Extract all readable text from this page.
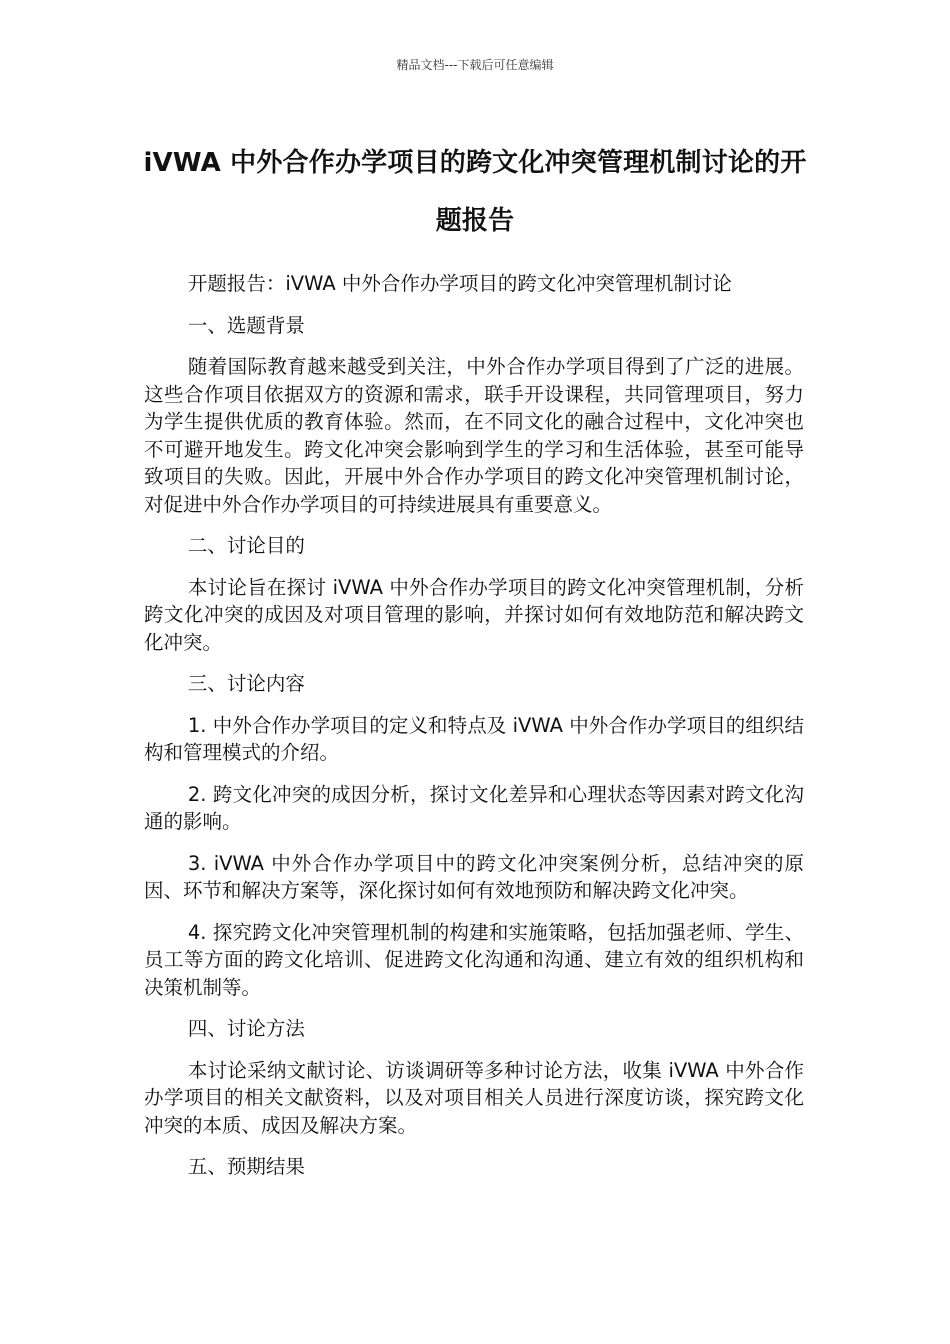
精品文档---下载后可任意编辑
iVWA 中外合作办学项目的跨文化冲突管理机制讨论的开题报告

开题报告：iVWA 中外合作办学项目的跨文化冲突管理机制讨论

一、选题背景

随着国际教育越来越受到关注，中外合作办学项目得到了广泛的进展。这些合作项目依据双方的资源和需求，联手开设课程，共同管理项目，努力为学生提供优质的教育体验。然而，在不同文化的融合过程中，文化冲突也不可避开地发生。跨文化冲突会影响到学生的学习和生活体验，甚至可能导致项目的失败。因此，开展中外合作办学项目的跨文化冲突管理机制讨论，对促进中外合作办学项目的可持续进展具有重要意义。

二、讨论目的

本讨论旨在探讨 iVWA 中外合作办学项目的跨文化冲突管理机制，分析跨文化冲突的成因及对项目管理的影响，并探讨如何有效地防范和解决跨文化冲突。

三、讨论内容

1. 中外合作办学项目的定义和特点及 iVWA 中外合作办学项目的组织结构和管理模式的介绍。

2. 跨文化冲突的成因分析，探讨文化差异和心理状态等因素对跨文化沟通的影响。

3. iVWA 中外合作办学项目中的跨文化冲突案例分析，总结冲突的原因、环节和解决方案等，深化探讨如何有效地预防和解决跨文化冲突。

4. 探究跨文化冲突管理机制的构建和实施策略，包括加强老师、学生、员工等方面的跨文化培训、促进跨文化沟通和沟通、建立有效的组织机构和决策机制等。

四、讨论方法

本讨论采纳文献讨论、访谈调研等多种讨论方法，收集 iVWA 中外合作办学项目的相关文献资料，以及对项目相关人员进行深度访谈，探究跨文化冲突的本质、成因及解决方案。

五、预期结果
